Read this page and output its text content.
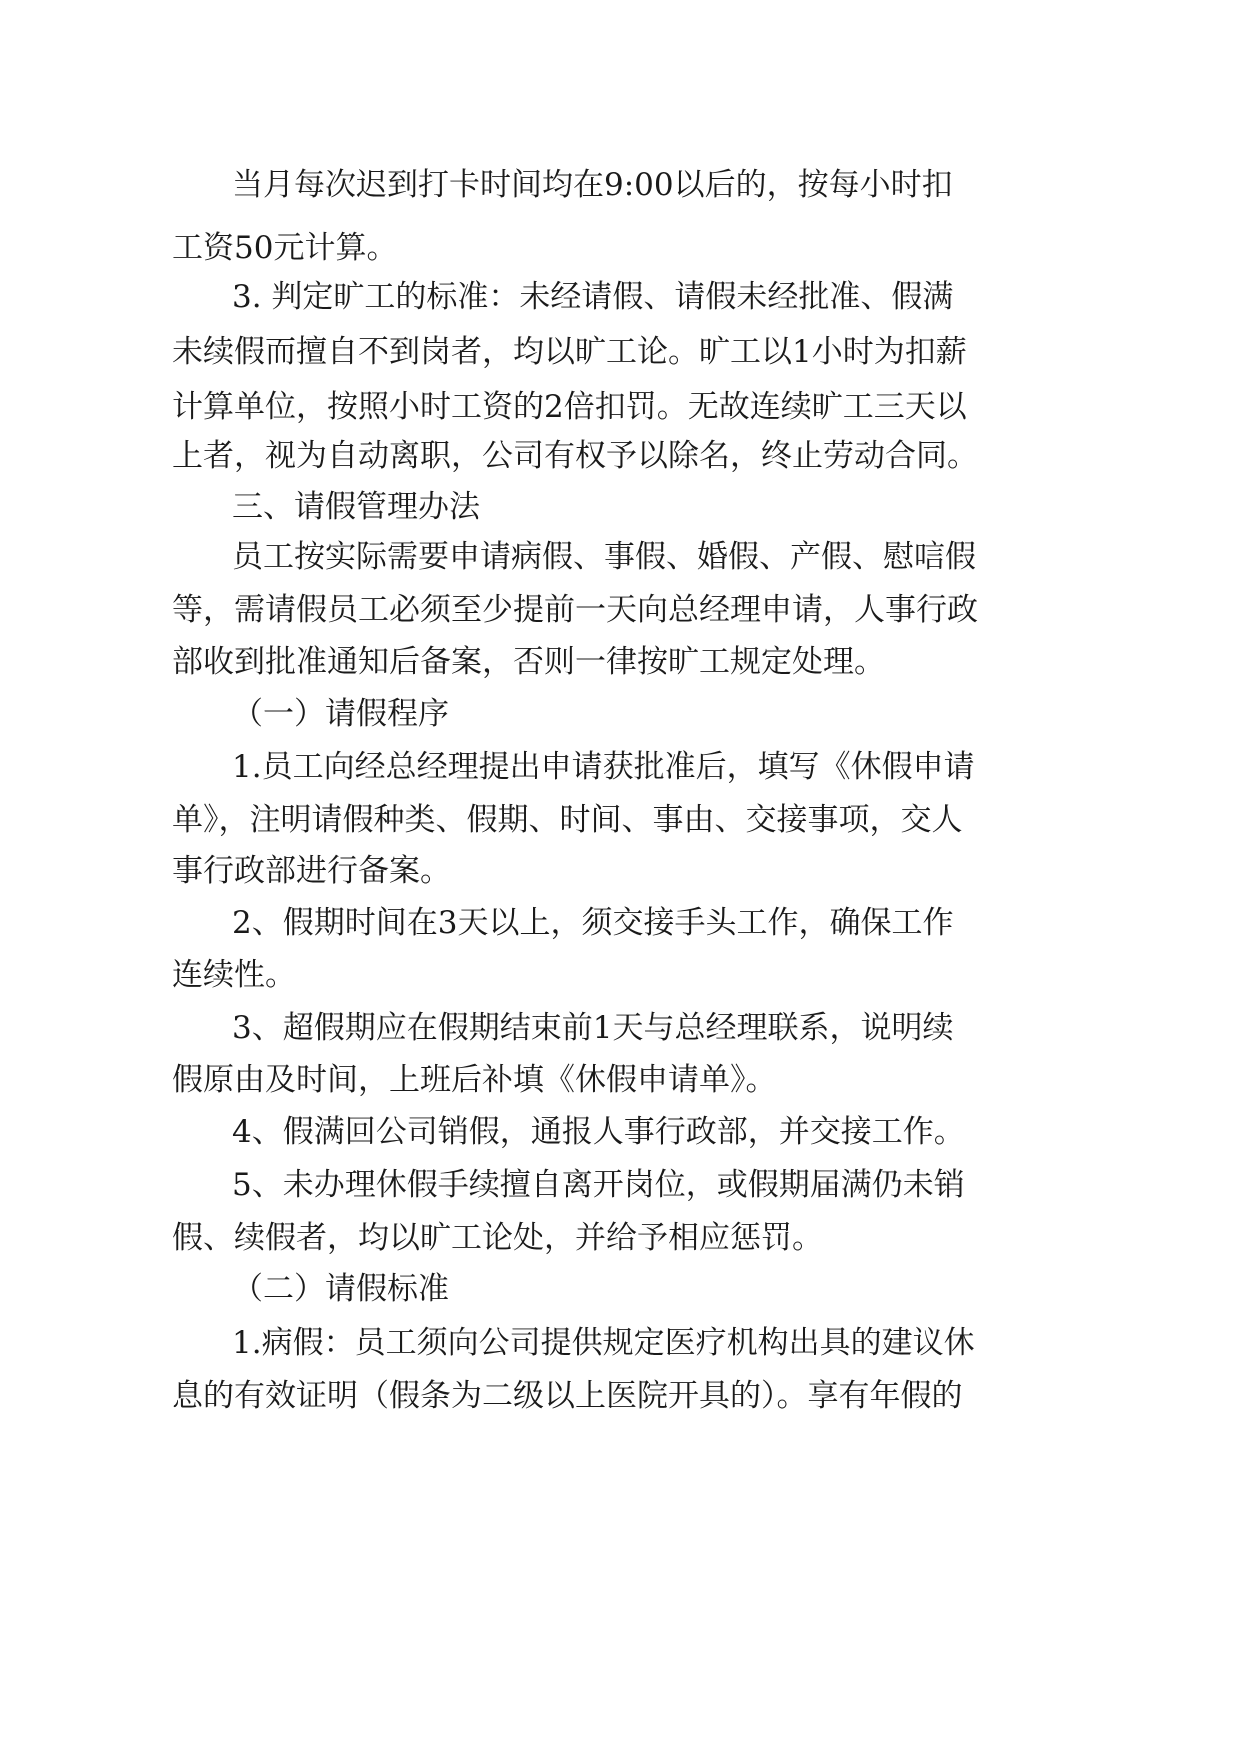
当月每次迟到打卡时间均在9:00以后的，按每小时扣
工资50元计算。
3. 判定旷工的标准：未经请假、请假未经批准、假满
未续假而擅自不到岗者，均以旷工论。旷工以1小时为扣薪
计算单位，按照小时工资的2倍扣罚。无故连续旷工三天以
上者，视为自动离职，公司有权予以除名，终止劳动合同。
三、请假管理办法
员工按实际需要申请病假、事假、婚假、产假、慰唁假
等，需请假员工必须至少提前一天向总经理申请，人事行政
部收到批准通知后备案，否则一律按旷工规定处理。
（一）请假程序
1.员工向经总经理提出申请获批准后，填写《休假申请
单》，注明请假种类、假期、时间、事由、交接事项，交人
事行政部进行备案。
2、假期时间在3天以上，须交接手头工作，确保工作
连续性。
3、超假期应在假期结束前1天与总经理联系，说明续
假原由及时间，上班后补填《休假申请单》。
4、假满回公司销假，通报人事行政部，并交接工作。
5、未办理休假手续擅自离开岗位，或假期届满仍未销
假、续假者，均以旷工论处，并给予相应惩罚。
（二）请假标准
1.病假：员工须向公司提供规定医疗机构出具的建议休
息的有效证明（假条为二级以上医院开具的）。享有年假的
